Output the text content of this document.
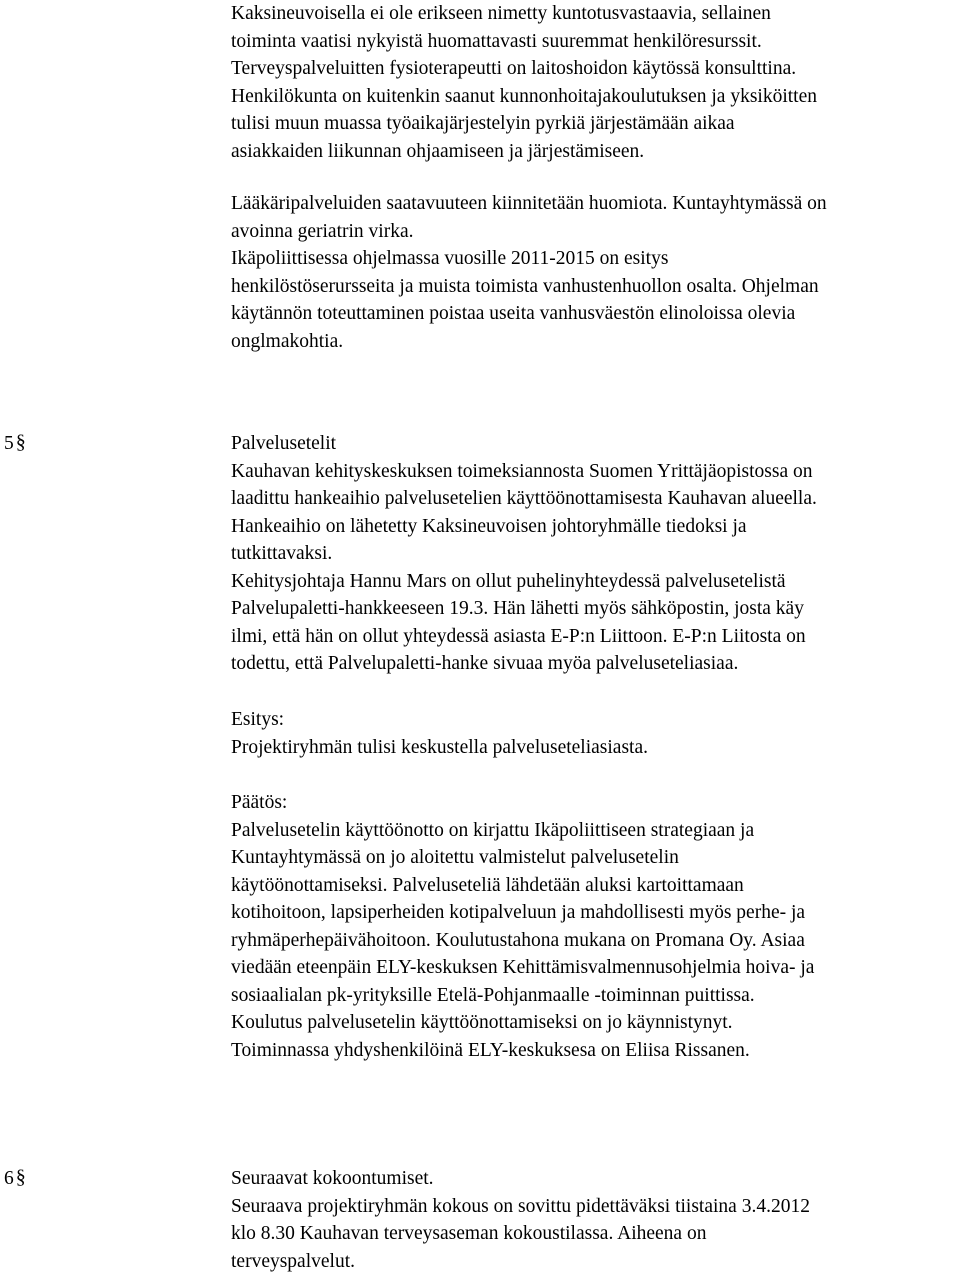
Kaksineuvoisella ei ole erikseen nimetty kuntotusvastaavia, sellainen
toiminta vaatisi nykyistä huomattavasti suuremmat henkilöresurssit.
Terveyspalveluitten fysioterapeutti on laitoshoidon käytössä konsulttina.
Henkilökunta on kuitenkin saanut kunnonhoitajakoulutuksen ja yksiköitten
tulisi muun muassa työaikajärjestelyin pyrkiä järjestämään aikaa
asiakkaiden liikunnan ohjaamiseen ja järjestämiseen.
Lääkäripalveluiden saatavuuteen kiinnitetään huomiota. Kuntayhtymässä on
avoinna geriatrin virka.
Ikäpoliittisessa ohjelmassa vuosille 2011-2015 on esitys
henkilöstöserursseita ja muista toimista vanhustenhuollon osalta. Ohjelman
käytännön toteuttaminen poistaa useita vanhusväestön elinoloissa olevia
onglmakohtia.
5 §	Palvelusetelit
Kauhavan kehityskeskuksen toimeksiannosta Suomen Yrittäjäopistossa on
laadittu hankeaihio palvelusetelien käyttöönottamisesta Kauhavan alueella.
Hankeaihio on lähetetty Kaksineuvoisen johtoryhmälle tiedoksi ja
tutkittavaksi.
Kehitysjohtaja Hannu Mars on ollut puhelinyhteydessä palvelusetelistä
Palvelupaletti-hankkeeseen 19.3. Hän lähetti myös sähköpostin, josta käy
ilmi, että hän on ollut yhteydessä asiasta E-P:n Liittoon. E-P:n Liitosta on
todettu, että Palvelupaletti-hanke sivuaa myöa palveluseteliasiaa.
Esitys:
Projektiryhmän tulisi keskustella palveluseteliasiasta.
Päätös:
Palvelusetelin käyttöönotto on kirjattu Ikäpoliittiseen strategiaan ja
Kuntayhtymässä on jo aloitettu valmistelut palvelusetelin
käytöönottamiseksi. Palveluseteliä lähdetään aluksi kartoittamaan
kotihoitoon, lapsiperheiden kotipalveluun ja mahdollisesti myös perhe- ja
ryhmäperhepäivähoitoon. Koulutustahona mukana on Promana Oy. Asiaa
viedään eteenpäin ELY-keskuksen Kehittämisvalmennusohjelmia hoiva- ja
sosiaalialan pk-yrityksille Etelä-Pohjanmaalle -toiminnan puittissa.
Koulutus palvelusetelin käyttöönottamiseksi on jo käynnistynyt.
Toiminnassa yhdyshenkilöinä ELY-keskuksesa on Eliisa Rissanen.
6 §	Seuraavat kokoontumiset.
Seuraava projektiryhmän kokous on sovittu pidettäväksi tiistaina 3.4.2012
klo 8.30 Kauhavan terveysaseman kokoustilassa. Aiheena on
terveyspalvelut.
